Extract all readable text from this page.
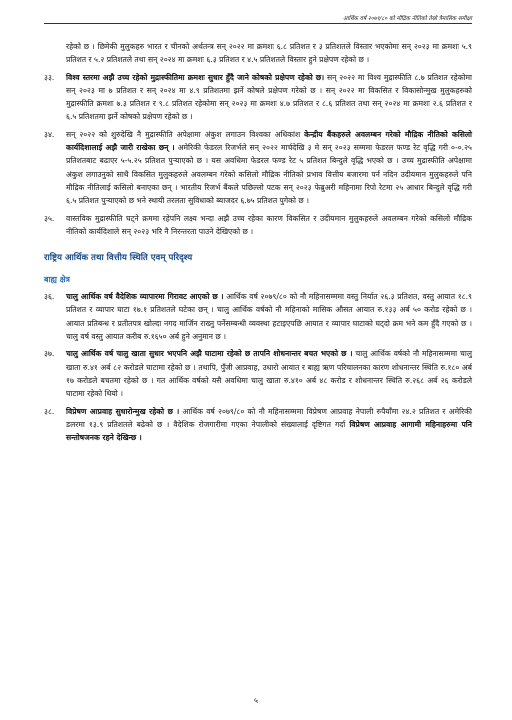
आर्थिक वर्ष २०७९/८० को मौद्रिक नीतिको तेस्रो त्रैमासिक समीक्षा
रहेको छ । छिमेकी मुलुकहरु भारत र चीनको अर्थतन्त्र सन् २०२२ मा क्रमशः ६.८ प्रतिशत र ३ प्रतिशतले विस्तार भएकोमा सन् २०२३ मा क्रमशः ५.९ प्रतिशत र ५.२ प्रतिशतले तथा सन् २०२४ मा क्रमशः ६.३ प्रतिशत र ४.५ प्रतिशतले विस्तार हुने प्रक्षेपण रहेको छ ।
३३.	विश्व स्तरमा अझै उच्च रहेको मुद्रास्फीतिमा क्रमशः सुधार हुँदै जाने कोषको प्रक्षेपण रहेको छ। सन् २०२२ मा विश्व मुद्रास्फीति ८.७ प्रतिशत रहेकोमा सन् २०२३ मा ७ प्रतिशत र सन् २०२४ मा ४.९ प्रतिशतमा झर्ने कोषले प्रक्षेपण गरेको छ । सन् २०२२ मा विकसित र विकासोन्मुख मुलुकहरुको मुद्रास्फीति क्रमशः ७.३ प्रतिशत र ९.८ प्रतिशत रहेकोमा सन् २०२३ मा क्रमशः ४.७ प्रतिशत र ८.६ प्रतिशत तथा सन् २०२४ मा क्रमशः २.६ प्रतिशत र ६.५ प्रतिशतमा झर्ने कोषको प्रक्षेपण रहेको छ ।
३४.	सन् २०२२ को शुरुदेखि नै मुद्रास्फीति अपेक्षामा अंकुश लगाउन विश्वका अधिकांश केन्द्रीय बैंकहरुले अवलम्बन गरेको मौद्रिक नीतिको कसिलो कार्यदिशालाई अझै जारी राखेका छन् । अमेरिकी फेडरल रिजर्भले सन् २०२२ मार्चदेखि ३ मे सन् २०२३ सम्ममा फेडरल फण्ड रेट वृद्धि गरी ०-०.२५ प्रतिशतबाट बढाएर ५-५.२५ प्रतिशत पुऱ्याएको छ । यस अवधिमा फेडरल फण्ड रेट ५ प्रतिशत बिन्दुले वृद्धि भएको छ । उच्च मुद्रास्फीति अपेक्षामा अंकुश लगाउनुको साथै विकसित मुलुकहरुले अवलम्बन गरेको कसिलो मौद्रिक नीतिको प्रभाव वित्तीय बजारमा पर्न नदिन उदीयमान मुलुकहरुले पनि मौद्रिक नीतिलाई कसिलो बनाएका छन् । भारतीय रिजर्भ बैंकले पछिल्लो पटक सन् २०२३ फेब्रुअरी महिनामा रिपो रेटमा २५ आधार बिन्दुले वृद्धि गरी ६.५ प्रतिशत पुऱ्याएको छ भने स्थायी तरलता सुविधाको ब्याजदर ६.७५ प्रतिशत पुगेको छ ।
३५.	वास्तविक मुद्रास्फीति घट्ने क्रममा रहेपनि लक्ष्य भन्दा अझै उच्च रहेका कारण विकसित र उदीयमान मुलुकहरुले अवलम्बन गरेको कसिलो मौद्रिक नीतिको कार्यदिशाले सन् २०२३ भरि नै निरन्तरता पाउने देखिएको छ ।
राष्ट्रिय आर्थिक तथा वित्तीय स्थिति एवम् परिदृश्य
बाह्य क्षेत्र
३६.	चालु आर्थिक वर्ष वैदेशिक व्यापारमा गिरावट आएको छ । आर्थिक वर्ष २०७९/८० को नौ महिनासम्ममा वस्तु निर्यात २६.३ प्रतिशत, वस्तु आयात १८.९ प्रतिशत र व्यापार घाटा १७.१ प्रतिशतले घटेका छन् । चालु आर्थिक वर्षको नौ महिनाको मासिक औसत आयात रु.१३३ अर्ब ५० करोड रहेको छ । आयात प्रतिबन्ध र प्रतीतपत्र खोल्दा नगद मार्जिन राख्नु पर्नेसम्बन्धी व्यवस्था हटाइएपछि आयात र व्यापार घाटाको घट्दो क्रम भने कम हुँदै गएको छ । चालु वर्ष वस्तु आयात करीब रु.१६५० अर्ब हुने अनुमान छ ।
३७.	चालु आर्थिक वर्ष चालु खाता सुधार भएपनि अझै घाटामा रहेको छ तापनि शोधनान्तर बचत भएको छ । चालु आर्थिक वर्षको नौ महिनासम्ममा चालु खाता रु.४१ अर्ब ८२ करोडले घाटामा रहेको छ । तथापि, पुँजी आप्रवाह, उधारो आयात र बाह्य ऋण परिचालनका कारण शोधनान्तर स्थिति रु.१८० अर्ब १७ करोडले बचतमा रहेको छ । गत आर्थिक वर्षको यसै अवधिमा चालु खाता रु.४१० अर्ब ४८ करोड र शोधनान्तर स्थिति रु.२६८ अर्ब २६ करोडले घाटामा रहेको थियो ।
३८.	विप्रेषण आप्रवाह सुधारोन्मुख रहेको छ । आर्थिक वर्ष २०७९/८० को नौ महिनासम्ममा विप्रेषण आप्रवाह नेपाली रुपैयाँमा २४.२ प्रतिशत र अमेरिकी डलरमा १३.९ प्रतिशतले बढेको छ । वैदेशिक रोजगारीमा गएका नेपालीको संख्यालाई दृष्टिगत गर्दा विप्रेषण आप्रवाह आगामी महिनाहरुमा पनि सन्तोषजनक रहने देखिन्छ ।
५
